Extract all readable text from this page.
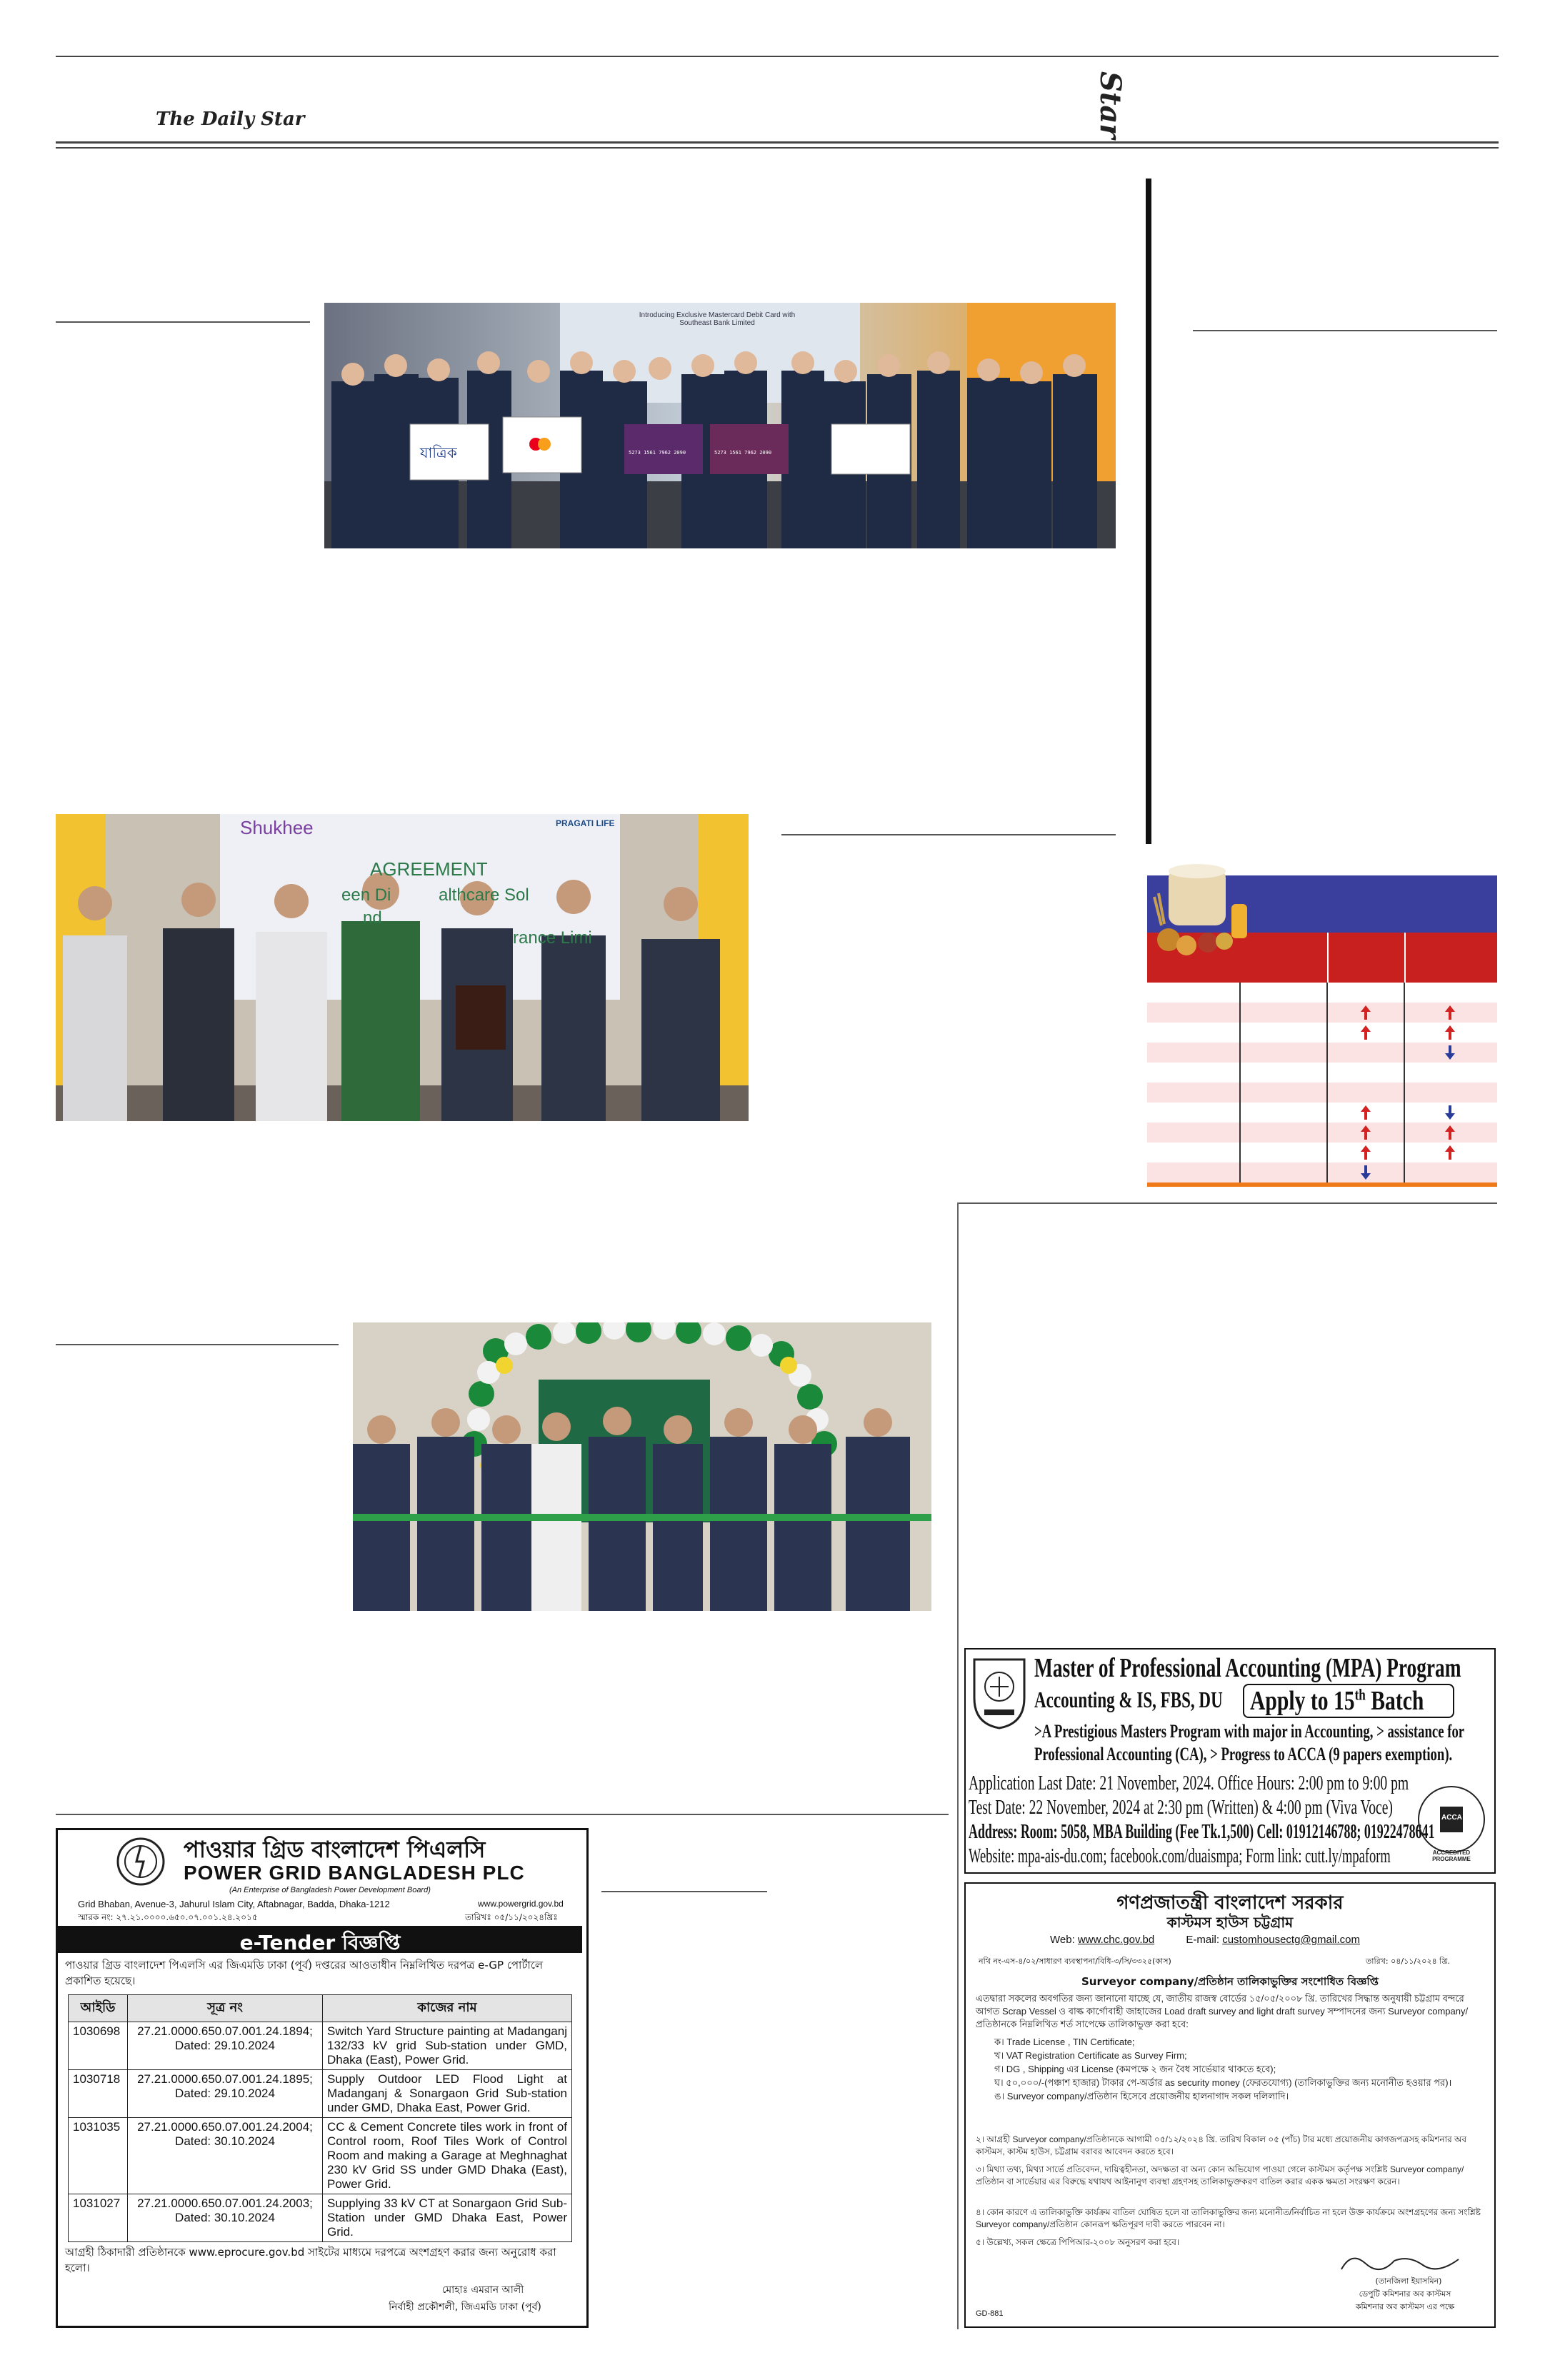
The Daily Star	Star
Introducing Exclusive Mastercard Debit Card with Southeast Bank Limited
যাত্রিক	5273 1561 7962 2090	5273 1561 7962 2090
Shukhee	PRAGATI LIFE
AGREEMENT
een Di	althcare Sol
nd
rance Limi
Master of Professional Accounting (MPA) Program
Accounting & IS, FBS, DU Apply to 15th Batch
>A Prestigious Masters Program with major in Accounting, > assistance for
Professional Accounting (CA), > Progress to ACCA (9 papers exemption).
Application Last Date: 21 November, 2024. Office Hours: 2:00 pm to 9:00 pm
Test Date: 22 November, 2024 at 2:30 pm (Written) & 4:00 pm (Viva Voce)
Address: Room: 5058, MBA Building (Fee Tk.1,500) Cell: 01912146788; 01922478641
Website: mpa-ais-du.com; facebook.com/duaismpa; Form link: cutt.ly/mpaform
ACCA
ACCREDITED PROGRAMME
গণপ্রজাতন্ত্রী বাংলাদেশ সরকার
কাস্টমস হাউস চট্টগ্রাম
Web: www.chc.gov.bd	E-mail: customhousectg@gmail.com
নথি নং-এস-৪/০২/সাধারণ ব্যবস্থাপনা/বিধি-৩/সি/৩৩২৫(কাস)	তারিখ: ০৪/১১/২০২৪ খ্রি.
Surveyor company/প্রতিষ্ঠান তালিকাভুক্তির সংশোধিত বিজ্ঞপ্তি
এতদ্বারা সকলের অবগতির জন্য জানানো যাচ্ছে যে, জাতীয় রাজস্ব বোর্ডের ১৫/০৫/২০০৮ খ্রি. তারিখের সিদ্ধান্ত অনুযায়ী চট্টগ্রাম বন্দরে আগত Scrap Vessel ও বাল্ক কার্গোবাহী জাহাজের Load draft survey and light draft survey সম্পাদনের জন্য Surveyor company/প্রতিষ্ঠানকে নিম্নলিখিত শর্ত সাপেক্ষে তালিকাভুক্ত করা হবে:
ক। Trade License , TIN Certificate;
খ। VAT Registration Certificate as Survey Firm;
গ। DG , Shipping এর License (কমপক্ষে ২ জন বৈধ সার্ভেয়ার থাকতে হবে);
ঘ। ৫০,০০০/-(পঞ্চাশ হাজার) টাকার পে-অর্ডার as security money (ফেরতযোগ্য) (তালিকাভুক্তির জন্য মনোনীত হওয়ার পর)।
ঙ। Surveyor company/প্রতিষ্ঠান হিসেবে প্রয়োজনীয় হালনাগাদ সকল দলিলাদি।
২। আগ্রহী Surveyor company/প্রতিষ্ঠানকে আগামী ০৫/১২/২০২৪ খ্রি. তারিখ বিকাল ০৫ (পাঁচ) টার মধ্যে প্রয়োজনীয় কাগজপত্রসহ কমিশনার অব কাস্টমস, কাস্টম হাউস, চট্টগ্রাম বরাবর আবেদন করতে হবে।
৩। মিথ্যা তথ্য, মিথ্যা সার্ভে প্রতিবেদন, দায়িত্বহীনতা, অদক্ষতা বা অন্য কোন অভিযোগ পাওয়া গেলে কাস্টমস কর্তৃপক্ষ সংশ্লিষ্ট Surveyor company/প্রতিষ্ঠান বা সার্ভেয়ার এর বিরুদ্ধে যথাযথ আইনানুগ ব্যবস্থা গ্রহণসহ তালিকাভুক্তকরণ বাতিল করার একক ক্ষমতা সংরক্ষণ করেন।
৪। কোন কারণে এ তালিকাভুক্তি কার্যক্রম বাতিল ঘোষিত হলে বা তালিকাভুক্তির জন্য মনোনীত/নির্বাচিত না হলে উক্ত কার্যক্রমে অংশগ্রহণের জন্য সংশ্লিষ্ট Surveyor company/প্রতিষ্ঠান কোনরূপ ক্ষতিপূরণ দাবী করতে পারবেন না।
৫। উল্লেখ্য, সকল ক্ষেত্রে পিপিআর-২০০৮ অনুসরণ করা হবে।
(তানজিলা ইয়াসমিন)
ডেপুটি কমিশনার অব কাস্টমস
কমিশনার অব কাস্টমস এর পক্ষে
GD-881
পাওয়ার গ্রিড বাংলাদেশ পিএলসি
POWER GRID BANGLADESH PLC
(An Enterprise of Bangladesh Power Development Board)
Grid Bhaban, Avenue-3, Jahurul Islam City, Aftabnagar, Badda, Dhaka-1212	www.powergrid.gov.bd
স্মারক নং: ২৭.২১.০০০০.৬৫০.০৭.০০১.২৪.২০১৫	তারিখঃ ০৫/১১/২০২৪খ্রিঃ
e-Tender বিজ্ঞপ্তি
পাওয়ার গ্রিড বাংলাদেশ পিএলসি এর জিএমডি ঢাকা (পূর্ব) দপ্তরের আওতাধীন নিম্নলিখিত দরপত্র e-GP পোর্টালে প্রকাশিত হয়েছে।
আইডি	সূত্র নং	কাজের নাম
1030698	27.21.0000.650.07.001.24.1894; Dated: 29.10.2024	Switch Yard Structure painting at Madanganj 132/33 kV grid Sub-station under GMD, Dhaka (East), Power Grid.
1030718	27.21.0000.650.07.001.24.1895; Dated: 29.10.2024	Supply Outdoor LED Flood Light at Madanganj & Sonargaon Grid Sub-station under GMD, Dhaka East, Power Grid.
1031035	27.21.0000.650.07.001.24.2004; Dated: 30.10.2024	CC & Cement Concrete tiles work in front of Control room, Roof Tiles Work of Control Room and making a Garage at Meghnaghat 230 kV Grid SS under GMD Dhaka (East), Power Grid.
1031027	27.21.0000.650.07.001.24.2003; Dated: 30.10.2024	Supplying 33 kV CT at Sonargaon Grid Sub-Station under GMD Dhaka East, Power Grid.
আগ্রহী ঠিকাদারী প্রতিষ্ঠানকে www.eprocure.gov.bd সাইটের মাধ্যমে দরপত্রে অংশগ্রহণ করার জন্য অনুরোধ করা হলো।
মোহাঃ এমরান আলী
নির্বাহী প্রকৌশলী, জিএমডি ঢাকা (পূর্ব)
